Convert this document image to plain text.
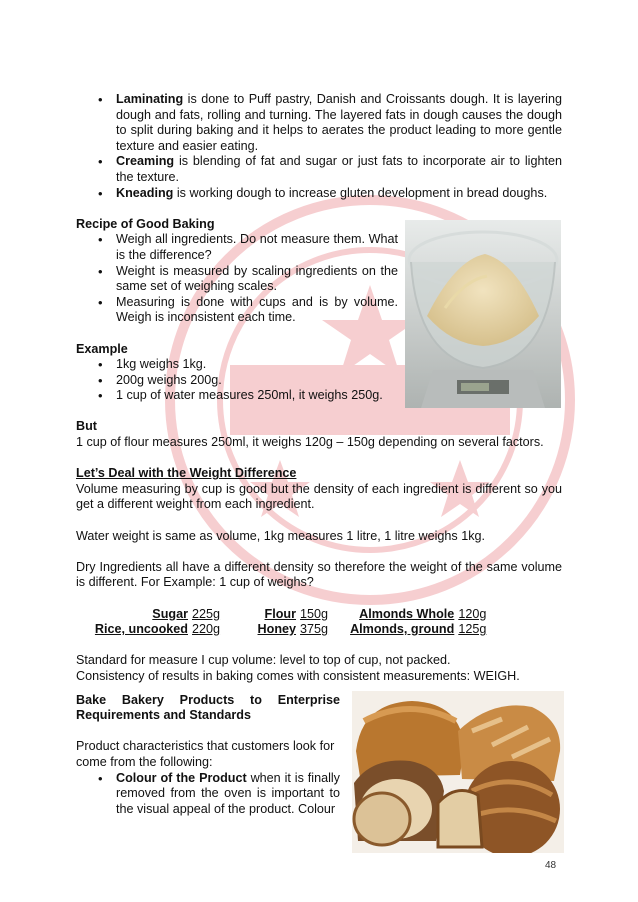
• Laminating is done to Puff pastry, Danish and Croissants dough. It is layering dough and fats, rolling and turning. The layered fats in dough causes the dough to split during baking and it helps to aerates the product leading to more gentle texture and easier eating.
• Creaming is blending of fat and sugar or just fats to incorporate air to lighten the texture.
• Kneading is working dough to increase gluten development in bread doughs.

Recipe of Good Baking

• Weigh all ingredients. Do not measure them. What is the difference?
• Weight is measured by scaling ingredients on the same set of weighing scales.
• Measuring is done with cups and is by volume. Weigh is inconsistent each time.

Example

• 1kg weighs 1kg.
• 200g weighs 200g.
• 1 cup of water measures 250ml, it weighs 250g.

But

1 cup of flour measures 250ml, it weighs 120g – 150g depending on several factors.

Let’s Deal with the Weight Difference

Volume measuring by cup is good but the density of each ingredient is different so you get a different weight from each ingredient.

Water weight is same as volume, 1kg measures 1 litre, 1 litre weighs 1kg.

Dry Ingredients all have a different density so therefore the weight of the same volume is different. For Example: 1 cup of weighs?

Sugar	225g		Flour	150g		Almonds Whole	120g
Rice, uncooked	220g		Honey	375g		Almonds, ground	125g

Standard for measure I cup volume: level to top of cup, not packed.

Consistency of results in baking comes with consistent measurements: WEIGH.

Bake Bakery Products to Enterprise Requirements and Standards

Product characteristics that customers look for come from the following:

• Colour of the Product when it is finally removed from the oven is important to the visual appeal of the product. Colour
48
